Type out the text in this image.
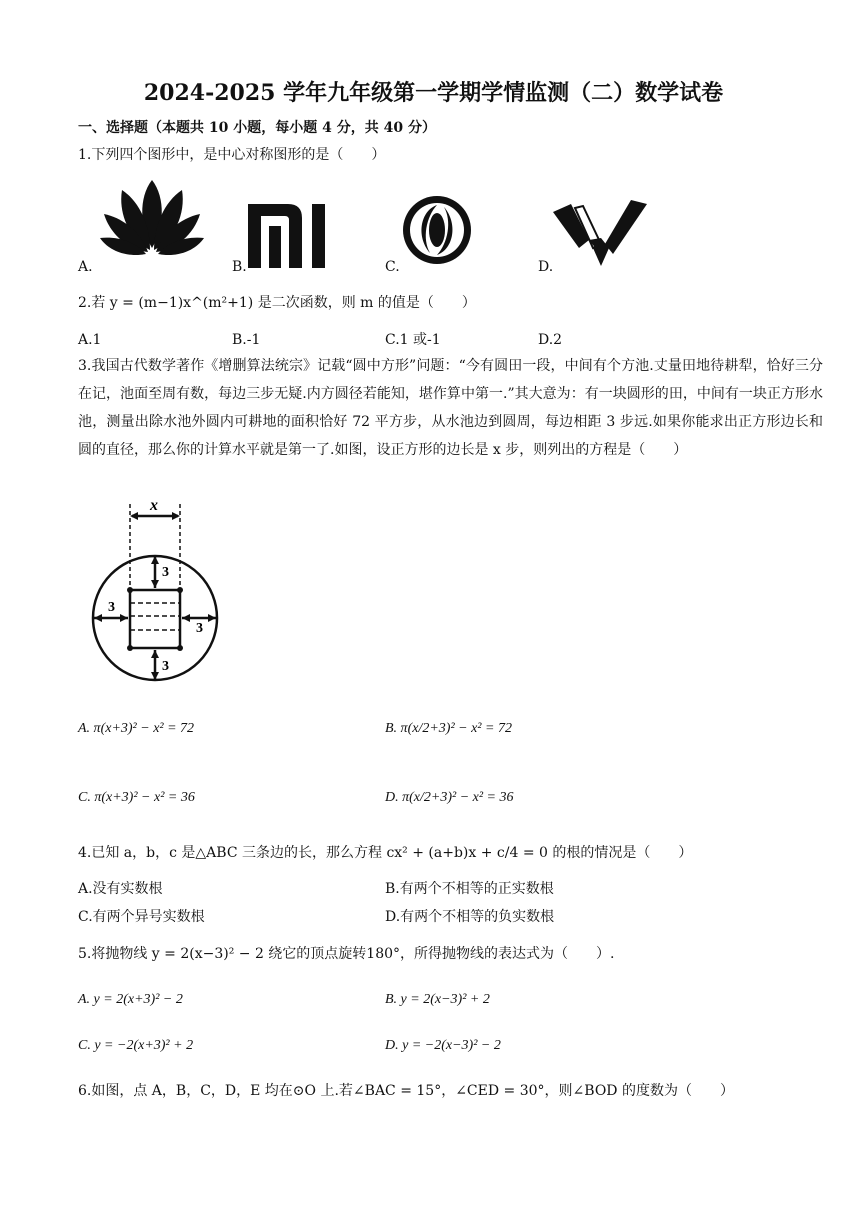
2024-2025 学年九年级第一学期学情监测（二）数学试卷
一、选择题（本题共 10 小题，每小题 4 分，共 40 分）
1.下列四个图形中，是中心对称图形的是（　　）
A.	B.	C.	D.
2.若 y = (m−1)x^(m²+1) 是二次函数，则 m 的值是（　　）
A.1	B.-1	C.1 或-1	D.2
3.我国古代数学著作《增删算法统宗》记载“圆中方形”问题：“今有圆田一段，中间有个方池.丈量田地待耕犁，恰好三分在记，池面至周有数，每边三步无疑.内方圆径若能知，堪作算中第一.”其大意为：有一块圆形的田，中间有一块正方形水池，测量出除水池外圆内可耕地的面积恰好 72 平方步，从水池边到圆周，每边相距 3 步远.如果你能求出正方形边长和圆的直径，那么你的计算水平就是第一了.如图，设正方形的边长是 x 步，则列出的方程是（　　）
x
3
3
3
3
A. π(x+3)² − x² = 72	B. π(x/2+3)² − x² = 72
C. π(x+3)² − x² = 36	D. π(x/2+3)² − x² = 36
4.已知 a，b，c 是△ABC 三条边的长，那么方程 cx² + (a+b)x + c/4 = 0 的根的情况是（　　）
A.没有实数根	B.有两个不相等的正实数根
C.有两个异号实数根	D.有两个不相等的负实数根
5.将抛物线 y = 2(x−3)² − 2 绕它的顶点旋转180°，所得抛物线的表达式为（　　）.
A. y = 2(x+3)² − 2	B. y = 2(x−3)² + 2
C. y = −2(x+3)² + 2	D. y = −2(x−3)² − 2
6.如图，点 A，B，C，D，E 均在⊙O 上.若∠BAC = 15°，∠CED = 30°，则∠BOD 的度数为（　　）
